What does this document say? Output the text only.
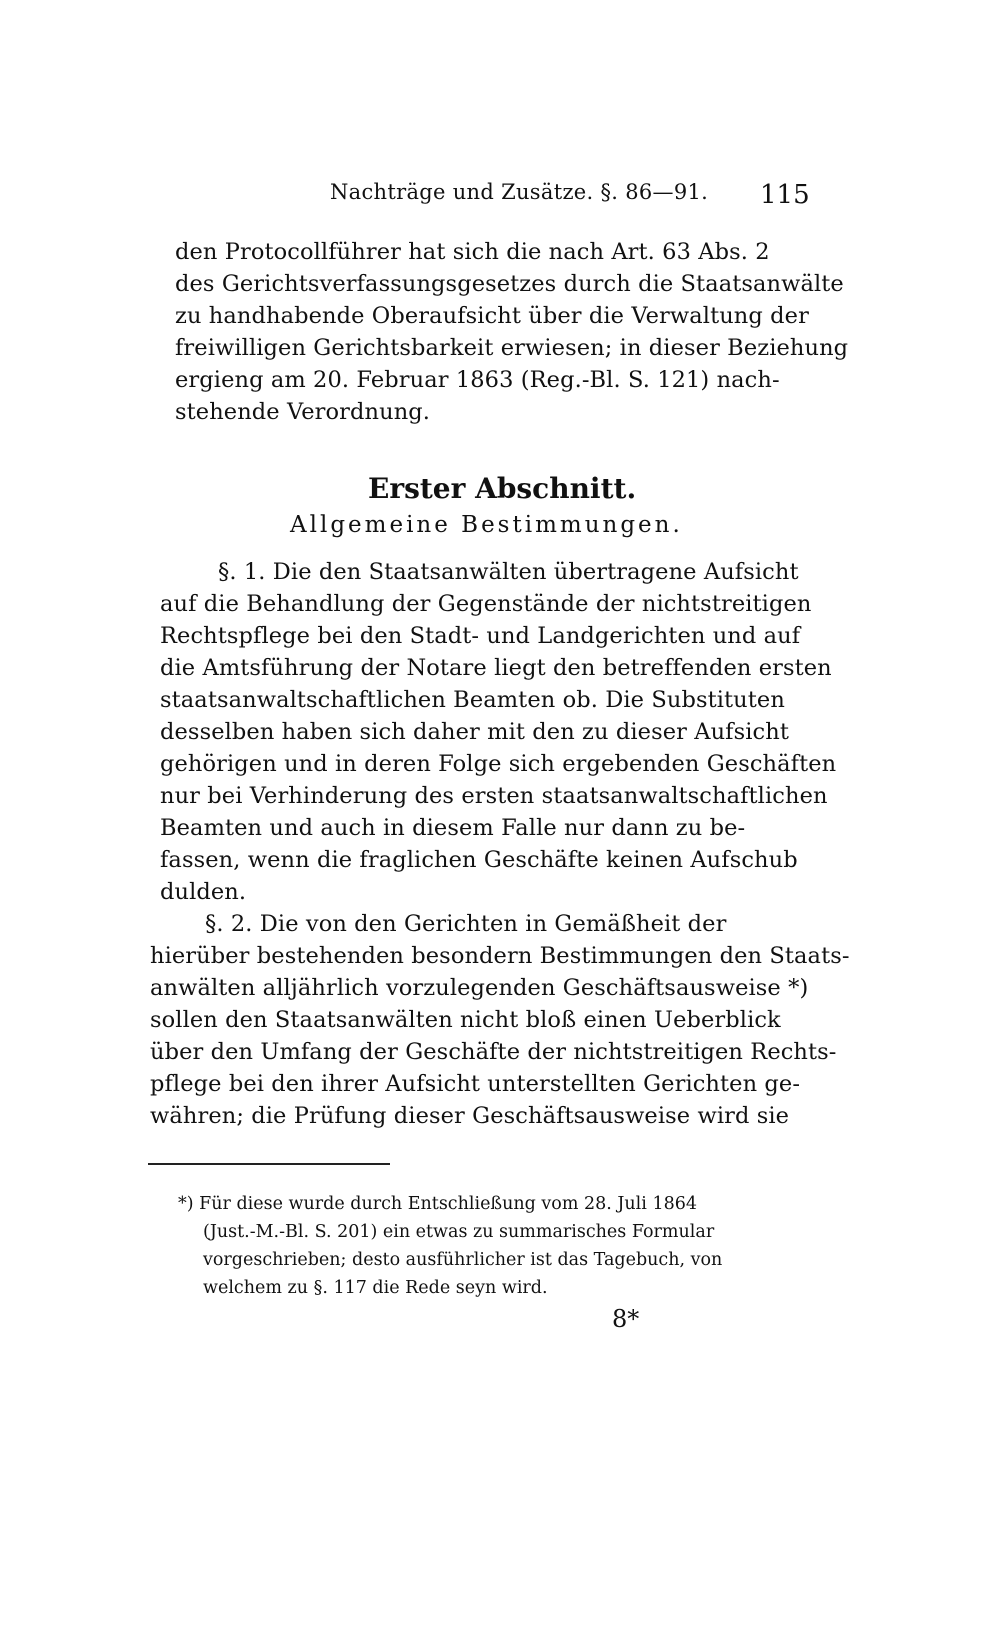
Nachträge und Zusätze. §. 86—91. 115
den Protocollführer hat sich die nach Art. 63 Abs. 2
des Gerichtsverfassungsgesetzes durch die Staatsanwälte
zu handhabende Oberaufsicht über die Verwaltung der
freiwilligen Gerichtsbarkeit erwiesen; in dieser Beziehung
ergieng am 20. Februar 1863 (Reg.-Bl. S. 121) nach-
stehende Verordnung.
Erster Abschnitt.
Allgemeine Bestimmungen.
§. 1. Die den Staatsanwälten übertragene Aufsicht
auf die Behandlung der Gegenstände der nichtstreitigen
Rechtspflege bei den Stadt- und Landgerichten und auf
die Amtsführung der Notare liegt den betreffenden ersten
staatsanwaltschaftlichen Beamten ob. Die Substituten
desselben haben sich daher mit den zu dieser Aufsicht
gehörigen und in deren Folge sich ergebenden Geschäften
nur bei Verhinderung des ersten staatsanwaltschaftlichen
Beamten und auch in diesem Falle nur dann zu be-
fassen, wenn die fraglichen Geschäfte keinen Aufschub
dulden.
§. 2. Die von den Gerichten in Gemäßheit der
hierüber bestehenden besondern Bestimmungen den Staats-
anwälten alljährlich vorzulegenden Geschäftsausweise *)
sollen den Staatsanwälten nicht bloß einen Ueberblick
über den Umfang der Geschäfte der nichtstreitigen Rechts-
pflege bei den ihrer Aufsicht unterstellten Gerichten ge-
währen; die Prüfung dieser Geschäftsausweise wird sie
*) Für diese wurde durch Entschließung vom 28. Juli 1864
(Just.-M.-Bl. S. 201) ein etwas zu summarisches Formular
vorgeschrieben; desto ausführlicher ist das Tagebuch, von
welchem zu §. 117 die Rede seyn wird.
8*
